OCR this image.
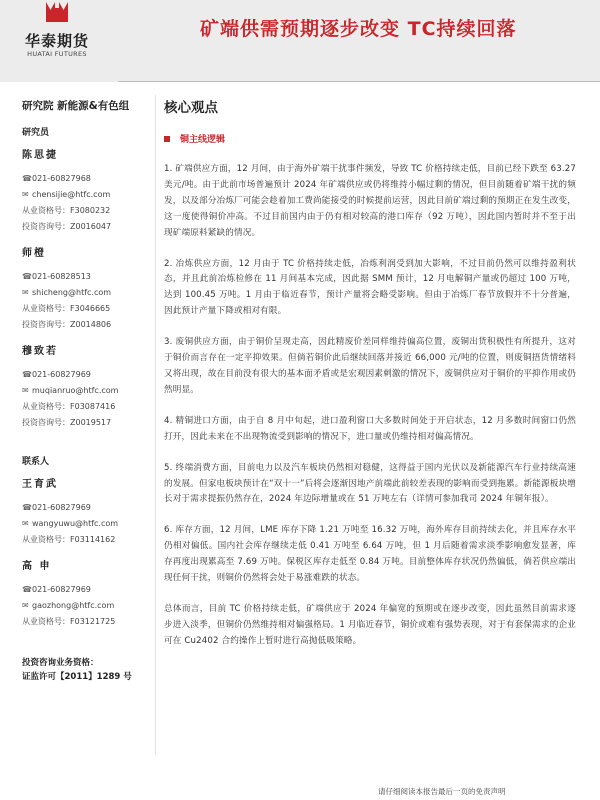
华泰期货
HUATAI FUTURES
矿端供需预期逐步改变 TC持续回落
研究院 新能源&有色组
研究员
陈思捷
☎ 021-60827968
✉ chensijie@htfc.com
从业资格号：F3080232
投资咨询号：Z0016047
师橙
☎ 021-60828513
✉ shicheng@htfc.com
从业资格号：F3046665
投资咨询号：Z0014806
穆致若
☎ 021-60827969
✉ muqianruo@htfc.com
从业资格号：F03087416
投资咨询号：Z0019517
联系人
王育武
☎ 021-60827969
✉ wangyuwu@htfc.com
从业资格号：F03114162
高 申
☎ 021-60827969
✉ gaozhong@htfc.com
从业资格号：F03121725
投资咨询业务资格：
证监许可【2011】1289 号
核心观点
铜主线逻辑

1. 矿端供应方面，12 月间，由于海外矿端干扰事件频发，导致 TC 价格持续走低，目前已经下跌至 63.27 美元/吨。由于此前市场普遍预计 2024 年矿端供应或仍将维持小幅过剩的情况，但目前随着矿端干扰的频发，以及部分冶炼厂可能会趁着加工费尚能接受的时候提前运营，因此目前矿端过剩的预期正在发生改变，这一度使得铜价冲高。不过目前国内由于仍有相对较高的港口库存（92 万吨），因此国内暂时并不至于出现矿端原料紧缺的情况。

2. 冶炼供应方面，12 月由于 TC 价格持续走低，冶炼利润受到加大影响，不过目前仍然可以维持盈利状态，并且此前冶炼检修在 11 月间基本完成，因此据 SMM 预计，12 月电解铜产量或仍超过 100 万吨，达到 100.45 万吨。1 月由于临近春节，预计产量将会略受影响。但由于冶炼厂春节放假并不十分普遍，因此预计产量下降或相对有限。

3. 废铜供应方面，由于铜价呈现走高，因此精废价差同样维持偏高位置，废铜出货积极性有所提升，这对于铜价而言存在一定平抑效果。但倘若铜价此后继续回落并接近 66,000 元/吨的位置，则废铜捂货情绪料又将出现，故在目前没有很大的基本面矛盾或是宏观因素刺激的情况下，废铜供应对于铜价的平抑作用或仍然明显。

4. 精铜进口方面，由于自 8 月中旬起，进口盈利窗口大多数时间处于开启状态，12 月多数时间窗口仍然打开，因此未来在不出现物流受到影响的情况下，进口量或仍维持相对偏高情况。

5. 终端消费方面，目前电力以及汽车板块仍然相对稳健，这得益于国内光伏以及新能源汽车行业持续高速的发展。但家电板块预计在“双十一”后将会逐渐因地产前端此前较差表现的影响而受到拖累。新能源板块增长对于需求提振仍然存在，2024 年边际增量或在 51 万吨左右（详情可参加我司 2024 年铜年报）。

6. 库存方面，12 月间，LME 库存下降 1.21 万吨至 16.32 万吨，海外库存目前持续去化，并且库存水平仍相对偏低。国内社会库存继续走低 0.41 万吨至 6.64 万吨，但 1 月后随着需求淡季影响愈发显著，库存再度出现累高至 7.69 万吨。保税区库存走低至 0.84 万吨。目前整体库存状况仍然偏低，倘若供应端出现任何干扰，则铜价仍然将会处于易涨难跌的状态。

总体而言，目前 TC 价格持续走低，矿端供应于 2024 年偏宽的预期或在逐步改变，因此虽然目前需求逐步进入淡季，但铜价仍然维持相对偏强格局。1 月临近春节，铜价或难有强势表现，对于有套保需求的企业可在 Cu2402 合约操作上暂时进行高抛低吸策略。

请仔细阅读本报告最后一页的免责声明
